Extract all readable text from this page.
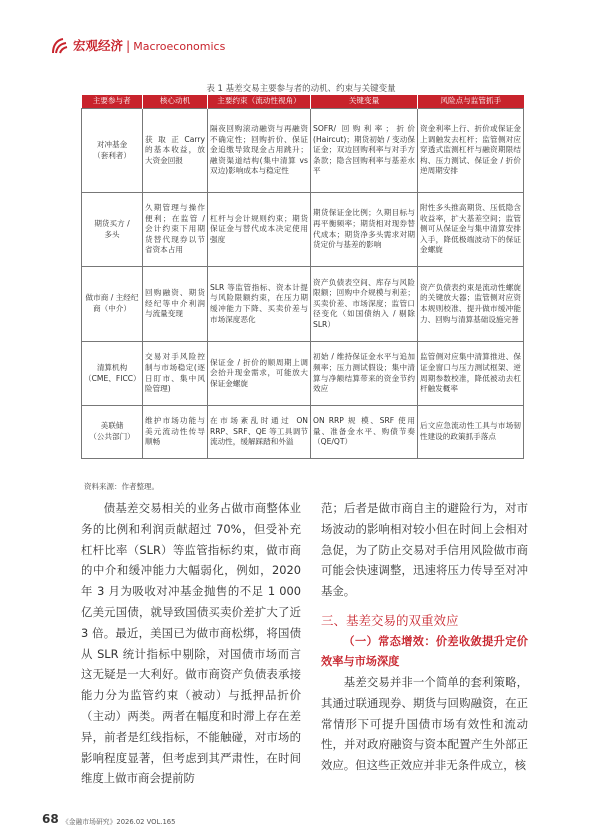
宏观经济 | Macroeconomics
表 1 基差交易主要参与者的动机、约束与关键变量
主要参与者	核心动机	主要约束（流动性视角）	关键变量	风险点与监管抓手
对冲基金
（套利者）	获 取 正 Carry 的基本收益，放大资金回报	隔夜回购滚动融资与再融资不确定性；回购折价、保证金追缴导致现金占用跳升；融资渠道结构(集中清算 vs 双边)影响成本与稳定性	SOFR/ 回购利率；折价(Haircut)；期货初始 / 变动保证金；双边回购利率与对手方条款；隐含回购利率与基差水平	资金利率上行、折价或保证金上调触发去杠杆；监管侧对应穿透式监测杠杆与融资期限结构、压力测试、保证金 / 折价逆周期安排
期货买方 /
多头	久期管理与操作便利；在监管 / 会计约束下用期货替代现券以节省资本占用	杠杆与会计规则约束；期货保证金与替代成本决定使用强度	期货保证金比例；久期目标与再平衡频率；期货相对现券替代成本；期货净多头需求对期货定价与基差的影响	附性多头推高期货、压低隐含收益率，扩大基差空间；监管侧可从保证金与集中清算安排入手，降低极端波动下的保证金螺旋
做市商 / 主经纪商（中介）	回购融资、期货经纪等中介利润与流量变现	SLR 等监管指标、资本计提与风险限额约束，在压力期缓冲能力下降、买卖价差与市场深度恶化	资产负债表空间、库存与风险限额；回购中介规模与利差；买卖价差、市场深度；监管口径变化（如国债纳入 / 剔除 SLR）	资产负债表约束是流动性螺旋的关键放大器；监管侧对应资本规则校准、提升做市缓冲能力、回购与清算基础设施完善
清算机构
（CME、FICC）	交易对手风险控制与市场稳定(逐日盯市、集中风险管理)	保证金 / 折价的顺周期上调会抬升现金需求，可能放大保证金螺旋	初始 / 维持保证金水平与追加频率；压力测试假设；集中清算与净额结算带来的资金节约效应	监管侧对应集中清算推进、保证金窗口与压力测试框架、逆周期参数校准，降低被动去杠杆触发概率
美联储
（公共部门）	维护市场功能与美元流动性传导顺畅	在市场紊乱时通过 ON RRP、SRF、QE 等工具调节流动性，缓解踩踏和外溢	ON RRP 规 模、SRF 使用量、准备金水平、购债节奏（QE/QT）	后文应急流动性工具与市场韧性建设的政策抓手落点
资料来源：作者整理。

债基差交易相关的业务占做市商整体业务的比例和利润贡献超过 70%，但受补充杠杆比率（SLR）等监管指标约束，做市商的中介和缓冲能力大幅弱化，例如，2020 年 3 月为吸收对冲基金抛售的不足 1 000 亿美元国债，就导致国债买卖价差扩大了近 3 倍。最近，美国已为做市商松绑，将国债从 SLR 统计指标中剔除，对国债市场而言这无疑是一大利好。做市商资产负债表承接能力分为监管约束（被动）与抵押品折价（主动）两类。两者在幅度和时滞上存在差异，前者是红线指标，不能触碰，对市场的影响程度显著，但考虑到其严肃性，在时间维度上做市商会提前防

范；后者是做市商自主的避险行为，对市场波动的影响相对较小但在时间上会相对急促，为了防止交易对手信用风险做市商可能会快速调整，迅速将压力传导至对冲基金。

三、基差交易的双重效应
（一）常态增效：价差收敛提升定价效率与市场深度

基差交易并非一个简单的套利策略，其通过联通现券、期货与回购融资，在正常情形下可提升国债市场有效性和流动性，并对政府融资与资本配置产生外部正效应。但这些正效应并非无条件成立，核

68 《金融市场研究》2026.02 VOL.165
